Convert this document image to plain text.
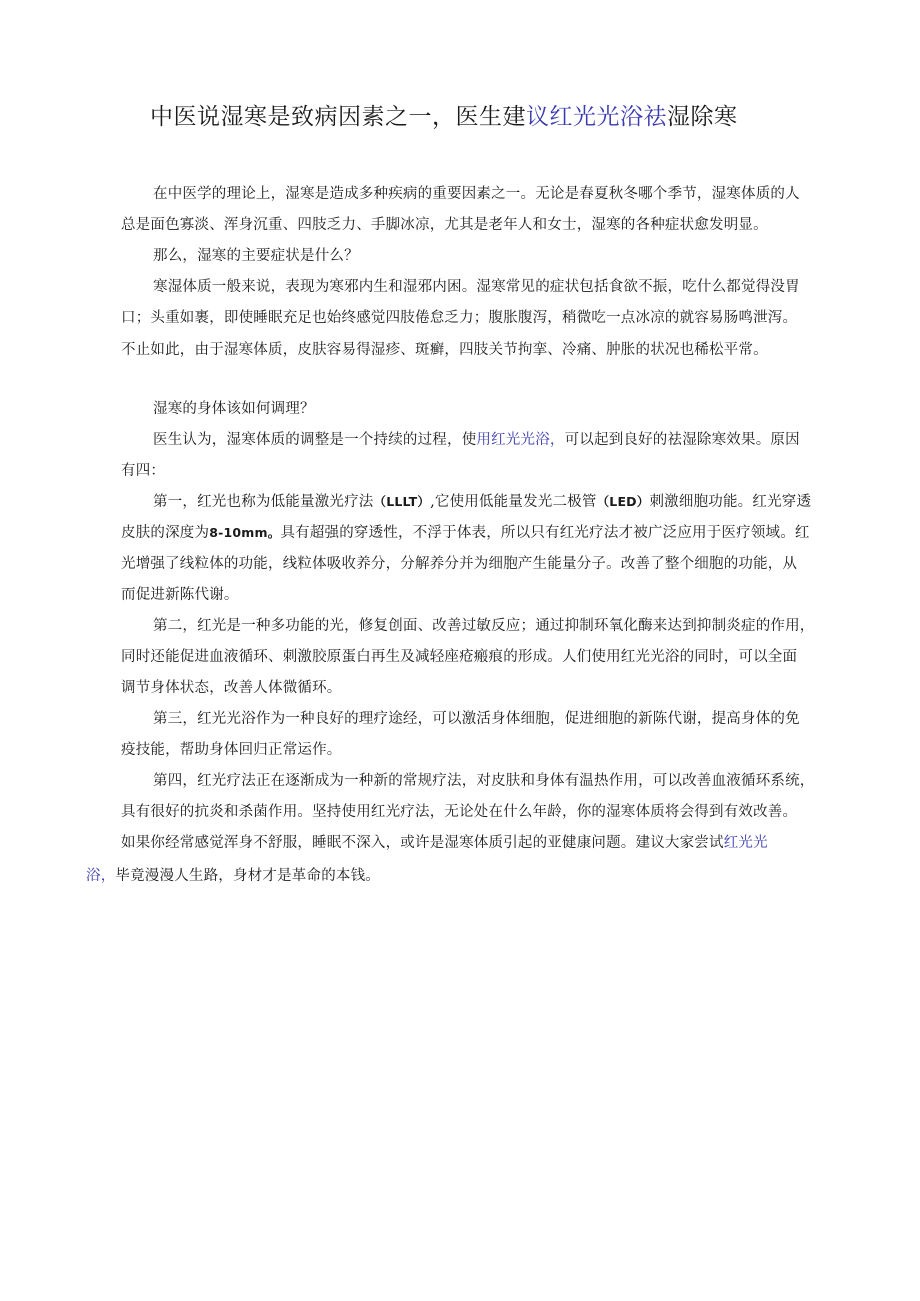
中医说湿寒是致病因素之一，医生建议红光光浴祛湿除寒
在中医学的理论上，湿寒是造成多种疾病的重要因素之一。无论是春夏秋冬哪个季节，湿寒体质的人
总是面色寡淡、浑身沉重、四肢乏力、手脚冰凉，尤其是老年人和女士，湿寒的各种症状愈发明显。
那么，湿寒的主要症状是什么？
寒湿体质一般来说，表现为寒邪内生和湿邪内困。湿寒常见的症状包括食欲不振，吃什么都觉得没胃
口；头重如裹，即使睡眠充足也始终感觉四肢倦怠乏力；腹胀腹泻，稍微吃一点冰凉的就容易肠鸣泄泻。
不止如此，由于湿寒体质，皮肤容易得湿疹、斑癣，四肢关节拘挛、冷痛、肿胀的状况也稀松平常。
湿寒的身体该如何调理？
医生认为，湿寒体质的调整是一个持续的过程，使用红光光浴，可以起到良好的祛湿除寒效果。原因
有四：
第一，红光也称为低能量激光疗法（LLLT）,它使用低能量发光二极管（LED）刺激细胞功能。红光穿透
皮肤的深度为8-10mm。具有超强的穿透性，不浮于体表，所以只有红光疗法才被广泛应用于医疗领域。红
光增强了线粒体的功能，线粒体吸收养分，分解养分并为细胞产生能量分子。改善了整个细胞的功能，从
而促进新陈代谢。
第二，红光是一种多功能的光，修复创面、改善过敏反应；通过抑制环氧化酶来达到抑制炎症的作用，
同时还能促进血液循环、刺激胶原蛋白再生及减轻座疮瘢痕的形成。人们使用红光光浴的同时，可以全面
调节身体状态，改善人体微循环。
第三，红光光浴作为一种良好的理疗途经，可以激活身体细胞，促进细胞的新陈代谢，提高身体的免
疫技能，帮助身体回归正常运作。
第四，红光疗法正在逐渐成为一种新的常规疗法，对皮肤和身体有温热作用，可以改善血液循环系统，
具有很好的抗炎和杀菌作用。坚持使用红光疗法，无论处在什么年龄，你的湿寒体质将会得到有效改善。
如果你经常感觉浑身不舒服，睡眠不深入，或许是湿寒体质引起的亚健康问题。建议大家尝试红光光
浴，毕竟漫漫人生路，身材才是革命的本钱。
